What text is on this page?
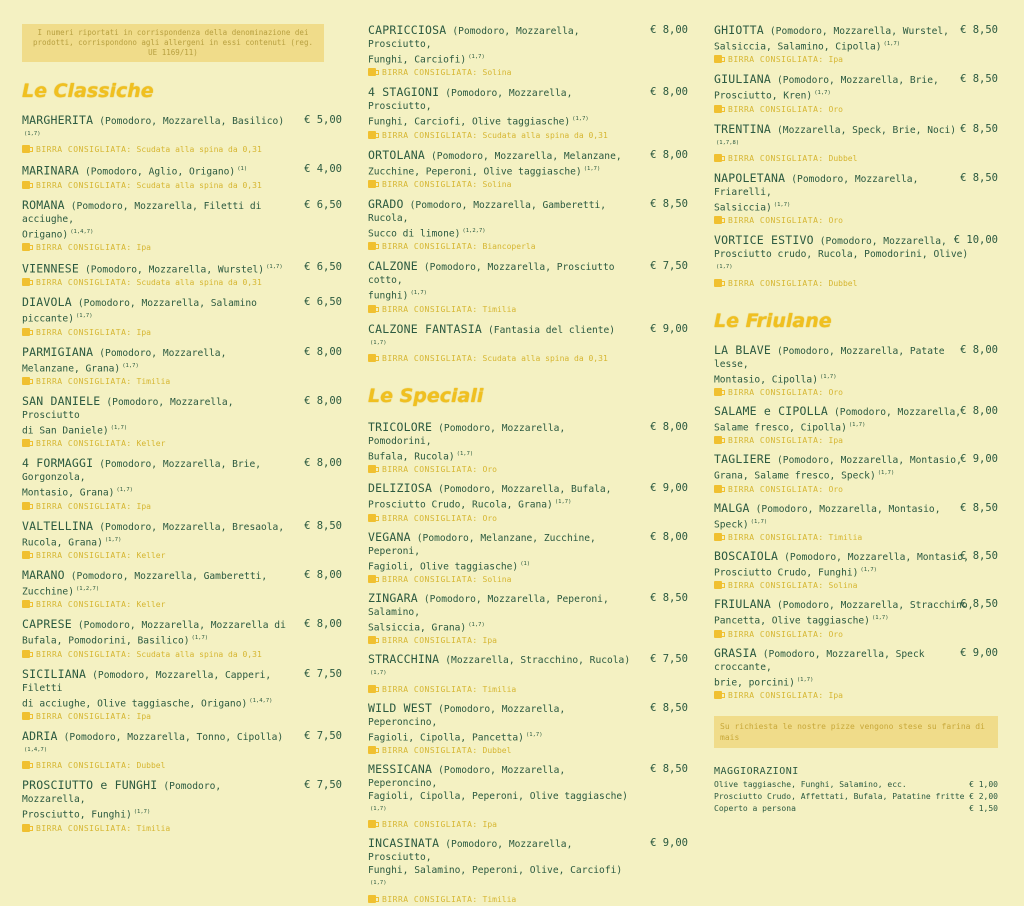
I numeri riportati in corrispondenza della denominazione dei prodotti, corrispondono agli allergeni in essi contenuti (reg. UE 1169/11)
Le Classiche
MARGHERITA (Pomodoro, Mozzarella, Basilico)$^{(1,7)}$
€ 5,00
BIRRA CONSIGLIATA: Scudata alla spina da 0,31
MARINARA (Pomodoro, Aglio, Origano) $^{(1)}$	€ 4,00
BIRRA CONSIGLIATA: Scudata alla spina da 0,31
ROMANA (Pomodoro, Mozzarella, Filetti di acciughe,
Origano) $^{(1,4,7)}$
€ 6,50
BIRRA CONSIGLIATA: Ipa
VIENNESE (Pomodoro, Mozzarella, Wurstel) $^{(1,7)}$	€ 6,50
BIRRA CONSIGLIATA: Scudata alla spina da 0,31
DIAVOLA (Pomodoro, Mozzarella, Salamino piccante) $^{(1,7)}$
€ 6,50
BIRRA CONSIGLIATA: Ipa
PARMIGIANA (Pomodoro, Mozzarella, Melanzane, Grana) $^{(1,7)}$
€ 8,00
BIRRA CONSIGLIATA: Timilia
SAN DANIELE (Pomodoro, Mozzarella, Prosciutto
di San Daniele) $^{(1,7)}$
€ 8,00
BIRRA CONSIGLIATA: Keller
4 FORMAGGI (Pomodoro, Mozzarella, Brie, Gorgonzola,
Montasio, Grana) $^{(1,7)}$
€ 8,00
BIRRA CONSIGLIATA: Ipa
VALTELLINA (Pomodoro, Mozzarella, Bresaola,
Rucola, Grana) $^{(1,7)}$
€ 8,50
BIRRA CONSIGLIATA: Keller
MARANO (Pomodoro, Mozzarella, Gamberetti, Zucchine) $^{(1,2,7)}$
€ 8,00
BIRRA CONSIGLIATA: Keller
CAPRESE (Pomodoro, Mozzarella, Mozzarella di
Bufala, Pomodorini, Basilico) $^{(1,7)}$
€ 8,00
BIRRA CONSIGLIATA: Scudata alla spina da 0,31
SICILIANA (Pomodoro, Mozzarella, Capperi, Filetti
di acciughe, Olive taggiasche, Origano) $^{(1,4,7)}$
€ 7,50
BIRRA CONSIGLIATA: Ipa
ADRIA (Pomodoro, Mozzarella, Tonno, Cipolla)$^{(1,4,7)}$
€ 7,50
BIRRA CONSIGLIATA: Dubbel
PROSCIUTTO e FUNGHI (Pomodoro, Mozzarella,
Prosciutto, Funghi) $^{(1,7)}$
€ 7,50
BIRRA CONSIGLIATA: Timilia
CAPRICCIOSA (Pomodoro, Mozzarella, Prosciutto,
Funghi, Carciofi) $^{(1,7)}$
€ 8,00
BIRRA CONSIGLIATA: Solina
4 STAGIONI (Pomodoro, Mozzarella, Prosciutto,
Funghi, Carciofi, Olive taggiasche) $^{(1,7)}$
€ 8,00
BIRRA CONSIGLIATA: Scudata alla spina da 0,31
ORTOLANA (Pomodoro, Mozzarella, Melanzane,
Zucchine, Peperoni, Olive taggiasche) $^{(1,7)}$
€ 8,00
BIRRA CONSIGLIATA: Solina
GRADO (Pomodoro, Mozzarella, Gamberetti, Rucola,
Succo di limone) $^{(1,2,7)}$
€ 8,50
BIRRA CONSIGLIATA: Biancoperla
CALZONE (Pomodoro, Mozzarella, Prosciutto cotto,
funghi) $^{(1,7)}$
€ 7,50
BIRRA CONSIGLIATA: Timilia
CALZONE FANTASIA (Fantasia del cliente)$^{(1,7)}$
€ 9,00
BIRRA CONSIGLIATA: Scudata alla spina da 0,31
Le Speciali
TRICOLORE (Pomodoro, Mozzarella, Pomodorini,
Bufala, Rucola) $^{(1,7)}$
€ 8,00
BIRRA CONSIGLIATA: Oro
DELIZIOSA (Pomodoro, Mozzarella, Bufala,
Prosciutto Crudo, Rucola, Grana) $^{(1,7)}$
€ 9,00
BIRRA CONSIGLIATA: Oro
VEGANA (Pomodoro, Melanzane, Zucchine, Peperoni,
Fagioli, Olive taggiasche) $^{(1)}$
€ 8,00
BIRRA CONSIGLIATA: Solina
ZINGARA (Pomodoro, Mozzarella, Peperoni, Salamino,
Salsiccia, Grana) $^{(1,7)}$
€ 8,50
BIRRA CONSIGLIATA: Ipa
STRACCHINA (Mozzarella, Stracchino, Rucola)$^{(1,7)}$
€ 7,50
BIRRA CONSIGLIATA: Timilia
WILD WEST (Pomodoro, Mozzarella, Peperoncino,
Fagioli, Cipolla, Pancetta) $^{(1,7)}$
€ 8,50
BIRRA CONSIGLIATA: Dubbel
MESSICANA (Pomodoro, Mozzarella, Peperoncino,
Fagioli, Cipolla, Peperoni, Olive taggiasche)$^{(1,7)}$
€ 8,50
BIRRA CONSIGLIATA: Ipa
INCASINATA (Pomodoro, Mozzarella, Prosciutto,
Funghi, Salamino, Peperoni, Olive, Carciofi)$^{(1,7)}$
€ 9,00
BIRRA CONSIGLIATA: Timilia
GHIOTTA (Pomodoro, Mozzarella, Wurstel,
Salsiccia, Salamino, Cipolla) $^{(1,7)}$
€ 8,50
BIRRA CONSIGLIATA: Ipa
GIULIANA (Pomodoro, Mozzarella, Brie,
Prosciutto, Kren) $^{(1,7)}$
€ 8,50
BIRRA CONSIGLIATA: Oro
TRENTINA (Mozzarella, Speck, Brie, Noci)$^{(1,7,8)}$
€ 8,50
BIRRA CONSIGLIATA: Dubbel
NAPOLETANA (Pomodoro, Mozzarella, Friarelli,
Salsiccia) $^{(1,7)}$
€ 8,50
BIRRA CONSIGLIATA: Oro
VORTICE ESTIVO (Pomodoro, Mozzarella,
Prosciutto crudo, Rucola, Pomodorini, Olive)$^{(1,7)}$
€ 10,00
BIRRA CONSIGLIATA: Dubbel
Le Friulane
LA BLAVE (Pomodoro, Mozzarella, Patate lesse,
Montasio, Cipolla) $^{(1,7)}$
€ 8,00
BIRRA CONSIGLIATA: Oro
SALAME e CIPOLLA (Pomodoro, Mozzarella,
Salame fresco, Cipolla) $^{(1,7)}$
€ 8,00
BIRRA CONSIGLIATA: Ipa
TAGLIERE (Pomodoro, Mozzarella, Montasio,
Grana, Salame fresco, Speck) $^{(1,7)}$
€ 9,00
BIRRA CONSIGLIATA: Oro
MALGA (Pomodoro, Mozzarella, Montasio, Speck) $^{(1,7)}$
€ 8,50
BIRRA CONSIGLIATA: Timilia
BOSCAIOLA (Pomodoro, Mozzarella, Montasio,
Prosciutto Crudo, Funghi) $^{(1,7)}$
€ 8,50
BIRRA CONSIGLIATA: Solina
FRIULANA (Pomodoro, Mozzarella, Stracchino,
Pancetta, Olive taggiasche) $^{(1,7)}$
€ 8,50
BIRRA CONSIGLIATA: Oro
GRASIA (Pomodoro, Mozzarella, Speck croccante,
brie, porcini) $^{(1,7)}$
€ 9,00
BIRRA CONSIGLIATA: Ipa
Su richiesta le nostre pizze vengono stese su farina di mais
MAGGIORAZIONI
Olive taggiasche, Funghi, Salamino, ecc.	€ 1,00
Prosciutto Crudo, Affettati, Bufala, Patatine fritte € 2,00
Coperto a persona	€ 1,50
